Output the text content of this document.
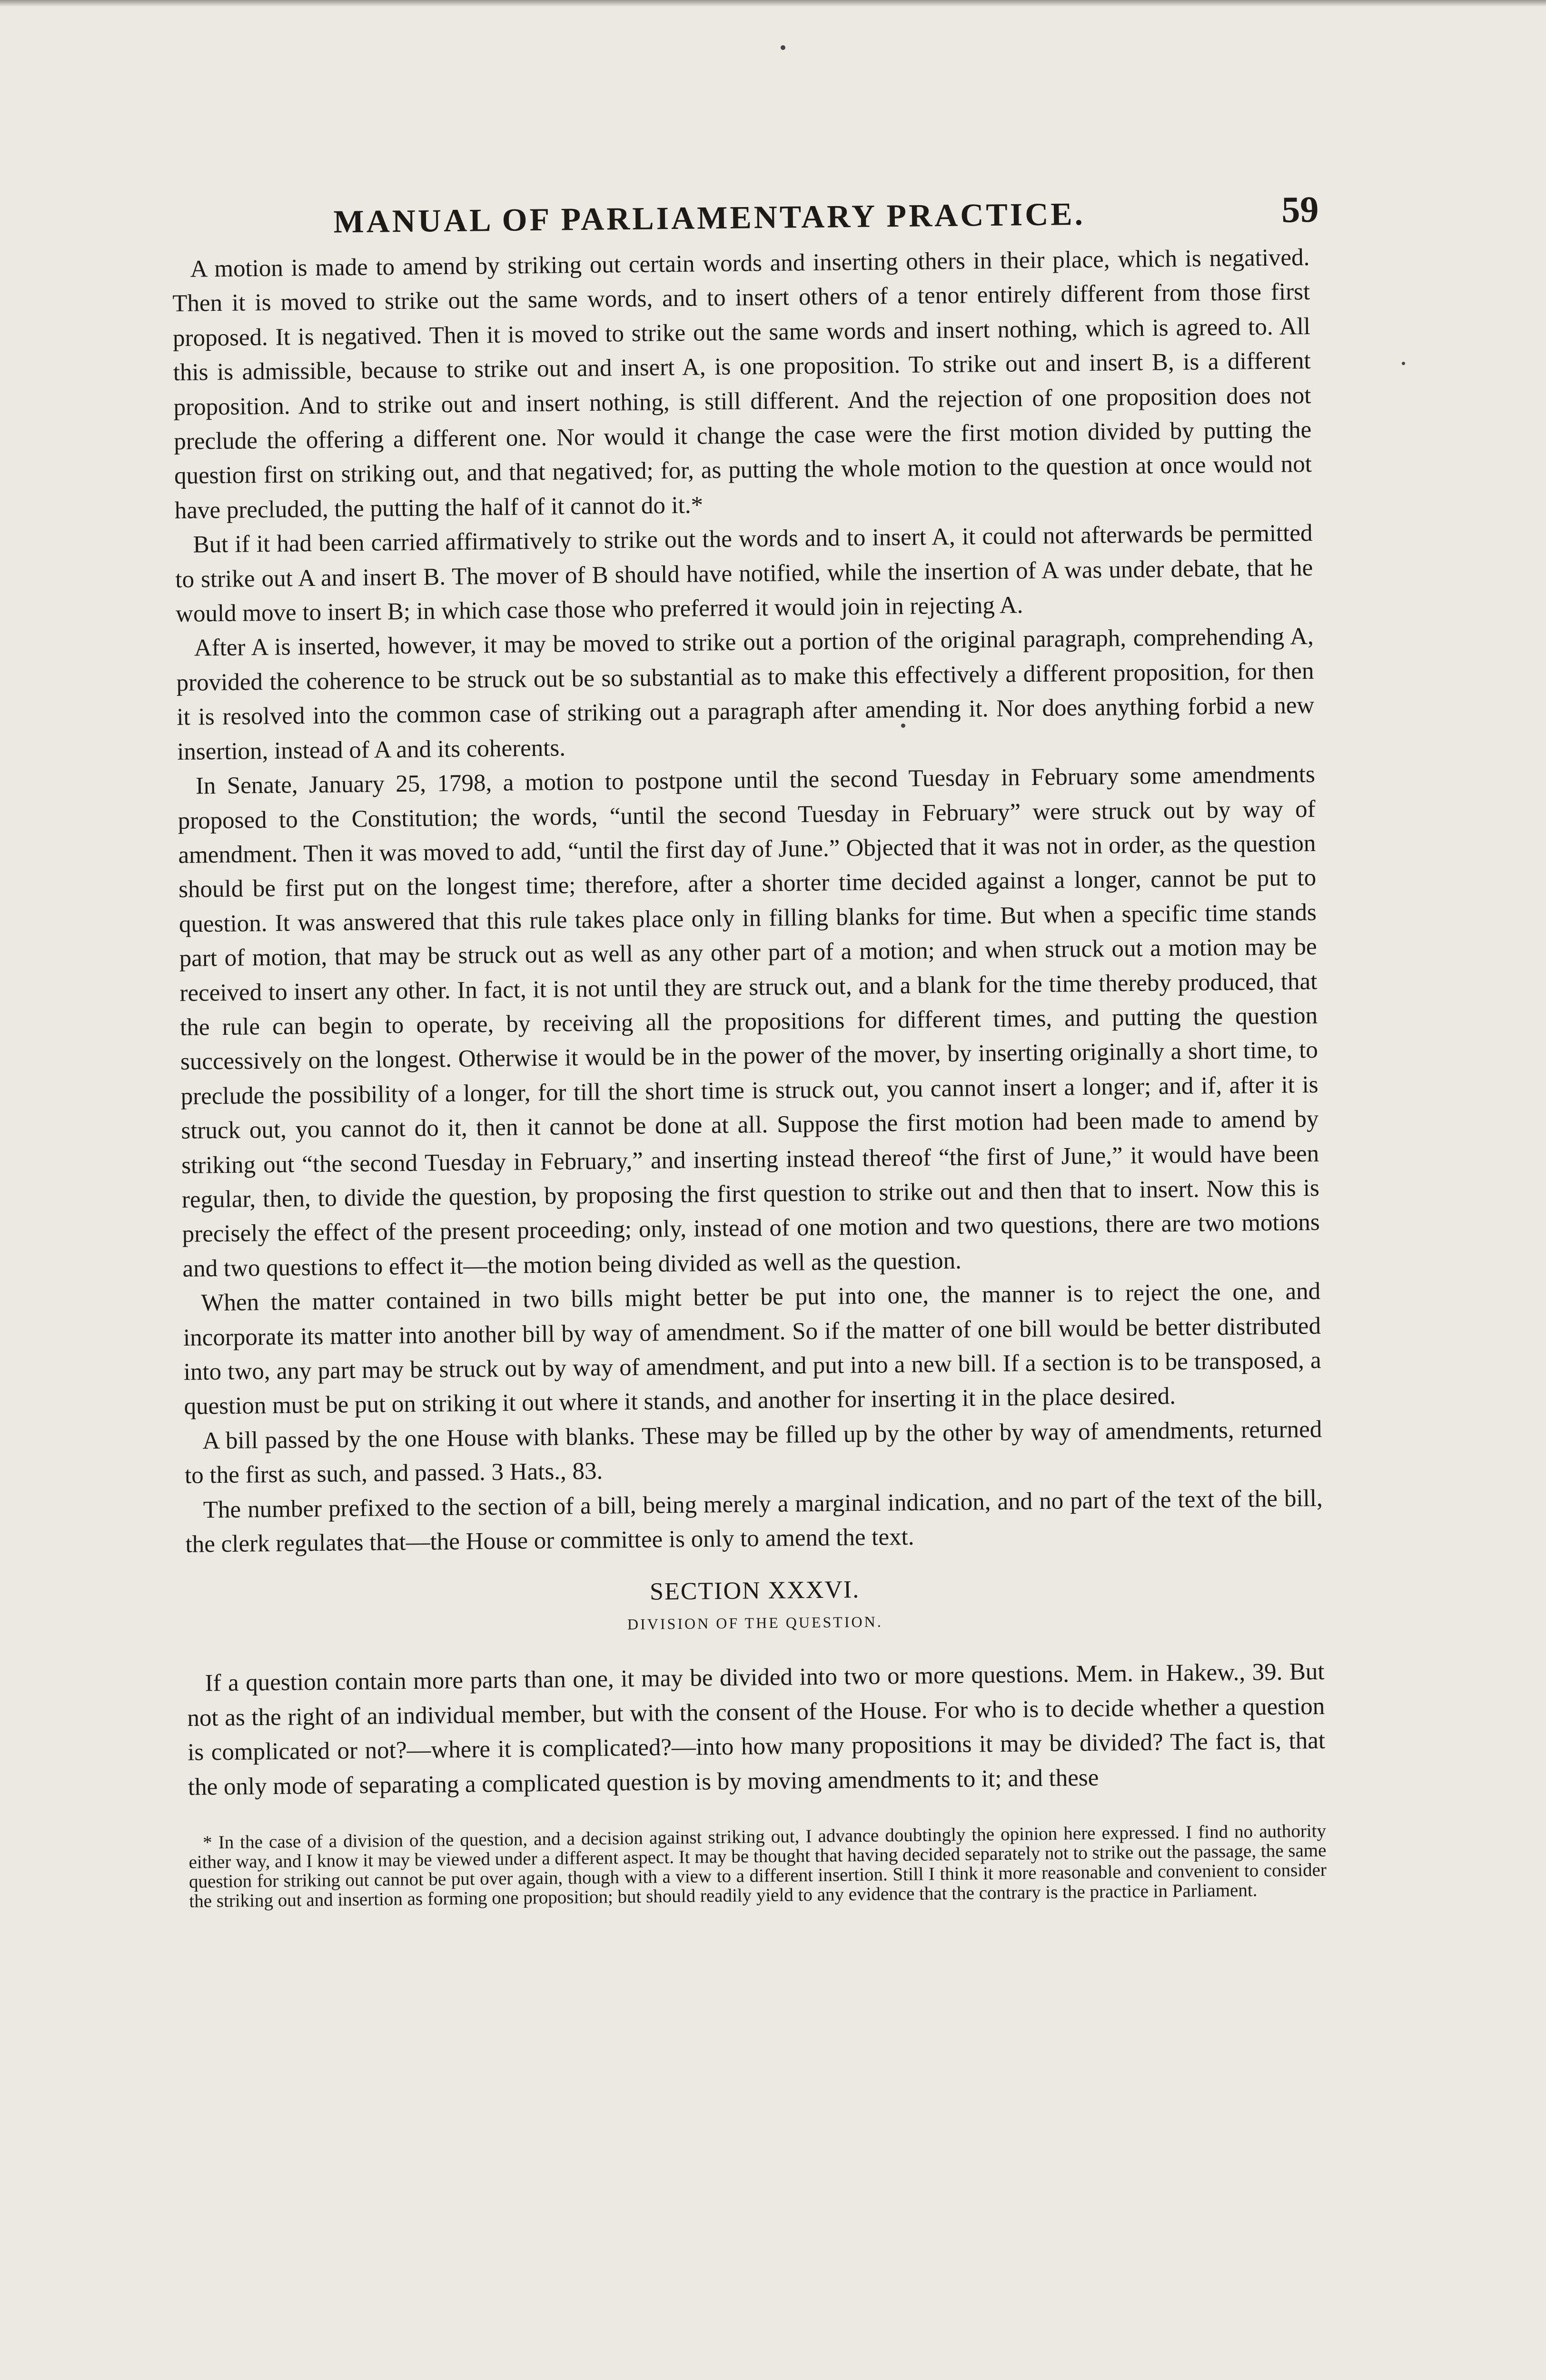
MANUAL OF PARLIAMENTARY PRACTICE.	59

A motion is made to amend by striking out certain words and inserting others in their place, which is negatived. Then it is moved to strike out the same words, and to insert others of a tenor entirely different from those first proposed. It is negatived. Then it is moved to strike out the same words and insert nothing, which is agreed to. All this is admissible, because to strike out and insert A, is one proposition. To strike out and insert B, is a different proposition. And to strike out and insert nothing, is still different. And the rejection of one proposition does not preclude the offering a different one. Nor would it change the case were the first motion divided by putting the question first on striking out, and that negatived; for, as putting the whole motion to the question at once would not have precluded, the putting the half of it cannot do it.*

But if it had been carried affirmatively to strike out the words and to insert A, it could not afterwards be permitted to strike out A and insert B. The mover of B should have notified, while the insertion of A was under debate, that he would move to insert B; in which case those who preferred it would join in rejecting A.

After A is inserted, however, it may be moved to strike out a portion of the original paragraph, comprehending A, provided the coherence to be struck out be so substantial as to make this effectively a different proposition, for then it is resolved into the common case of striking out a paragraph after amending it. Nor does anything forbid a new insertion, instead of A and its coherents.

In Senate, January 25, 1798, a motion to postpone until the second Tuesday in February some amendments proposed to the Constitution; the words, “until the second Tuesday in February” were struck out by way of amendment. Then it was moved to add, “until the first day of June.” Objected that it was not in order, as the question should be first put on the longest time; therefore, after a shorter time decided against a longer, cannot be put to question. It was answered that this rule takes place only in filling blanks for time. But when a specific time stands part of motion, that may be struck out as well as any other part of a motion; and when struck out a motion may be received to insert any other. In fact, it is not until they are struck out, and a blank for the time thereby produced, that the rule can begin to operate, by receiving all the propositions for different times, and putting the question successively on the longest. Otherwise it would be in the power of the mover, by inserting originally a short time, to preclude the possibility of a longer, for till the short time is struck out, you cannot insert a longer; and if, after it is struck out, you cannot do it, then it cannot be done at all. Suppose the first motion had been made to amend by striking out “the second Tuesday in February,” and inserting instead thereof “the first of June,” it would have been regular, then, to divide the question, by proposing the first question to strike out and then that to insert. Now this is precisely the effect of the present proceeding; only, instead of one motion and two questions, there are two motions and two questions to effect it—the motion being divided as well as the question.

When the matter contained in two bills might better be put into one, the manner is to reject the one, and incorporate its matter into another bill by way of amendment. So if the matter of one bill would be better distributed into two, any part may be struck out by way of amendment, and put into a new bill. If a section is to be transposed, a question must be put on striking it out where it stands, and another for inserting it in the place desired.

A bill passed by the one House with blanks. These may be filled up by the other by way of amendments, returned to the first as such, and passed. 3 Hats., 83.

The number prefixed to the section of a bill, being merely a marginal indication, and no part of the text of the bill, the clerk regulates that—the House or committee is only to amend the text.

SECTION XXXVI.
DIVISION OF THE QUESTION.

If a question contain more parts than one, it may be divided into two or more questions. Mem. in Hakew., 39. But not as the right of an individual member, but with the consent of the House. For who is to decide whether a question is complicated or not?—where it is complicated?—into how many propositions it may be divided? The fact is, that the only mode of separating a complicated question is by moving amendments to it; and these

* In the case of a division of the question, and a decision against striking out, I advance doubtingly the opinion here expressed. I find no authority either way, and I know it may be viewed under a different aspect. It may be thought that having decided separately not to strike out the passage, the same question for striking out cannot be put over again, though with a view to a different insertion. Still I think it more reasonable and convenient to consider the striking out and insertion as forming one proposition; but should readily yield to any evidence that the contrary is the practice in Parliament.
